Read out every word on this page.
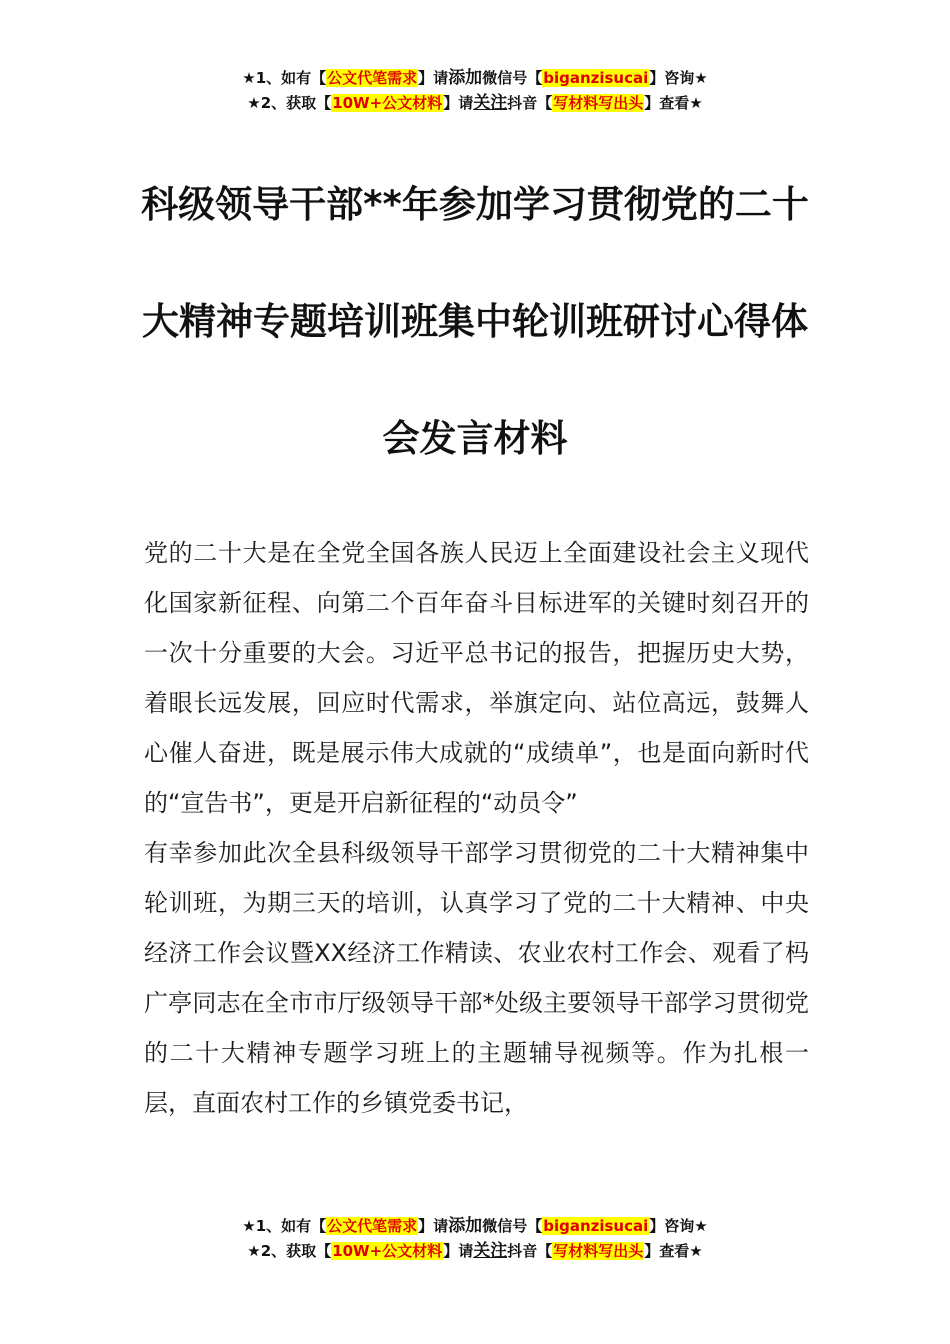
★1、如有【公文代笔需求】请添加微信号【biganzisucai】咨询★
★2、获取【10W+公文材料】请关注抖音【写材料写出头】查看★
科级领导干部**年参加学习贯彻党的二十
大精神专题培训班集中轮训班研讨心得体
会发言材料

党的二十大是在全党全国各族人民迈上全面建设社会主义现代化国家新征程、向第二个百年奋斗目标进军的关键时刻召开的一次十分重要的大会。习近平总书记的报告，把握历史大势，着眼长远发展，回应时代需求，举旗定向、站位高远，鼓舞人心催人奋进，既是展示伟大成就的“成绩单”，也是面向新时代的“宣告书”，更是开启新征程的“动员令”

有幸参加此次全县科级领导干部学习贯彻党的二十大精神集中轮训班，为期三天的培训，认真学习了党的二十大精神、中央经济工作会议暨XX经济工作精读、农业农村工作会、观看了杩广亭同志在全市市厅级领导干部*处级主要领导干部学习贯彻党的二十大精神专题学习班上的主题辅导视频等。作为扎根一层，直面农村工作的乡镇党委书记，

★1、如有【公文代笔需求】请添加微信号【biganzisucai】咨询★
★2、获取【10W+公文材料】请关注抖音【写材料写出头】查看★
